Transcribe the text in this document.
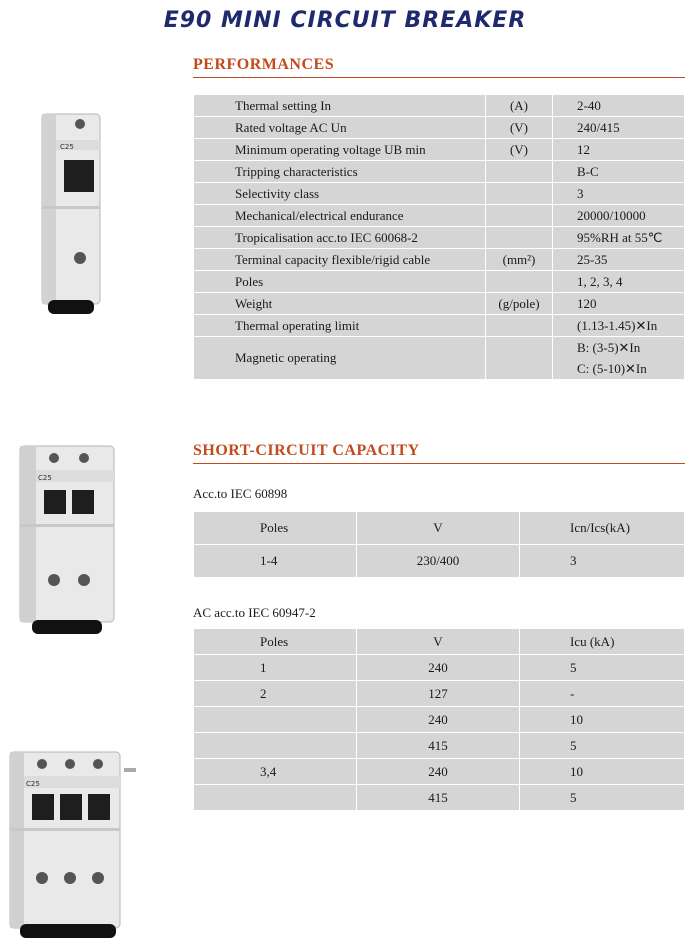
E90 MINI CIRCUIT BREAKER
PERFORMANCES
Thermal setting In	(A)	2-40
Rated voltage AC Un	(V)	240/415
Minimum operating voltage UB min	(V)	12
Tripping characteristics		B-C
Selectivity class		3
Mechanical/electrical endurance		20000/10000
Tropicalisation acc.to IEC 60068-2		95%RH at 55℃
Terminal capacity flexible/rigid cable	(mm²)	25-35
Poles		1, 2, 3, 4
Weight	(g/pole)	120
Thermal operating limit		(1.13-1.45)✕In
Magnetic operating		B: (3-5)✕In
C: (5-10)✕In
SHORT-CIRCUIT CAPACITY
Acc.to IEC 60898
Poles	V	Icn/Ics(kA)
1-4	230/400	3
AC acc.to IEC 60947-2
Poles	V	Icu (kA)
1	240	5
2	127	-
	240	10
	415	5
3,4	240	10
	415	5
C25
C25
C25
